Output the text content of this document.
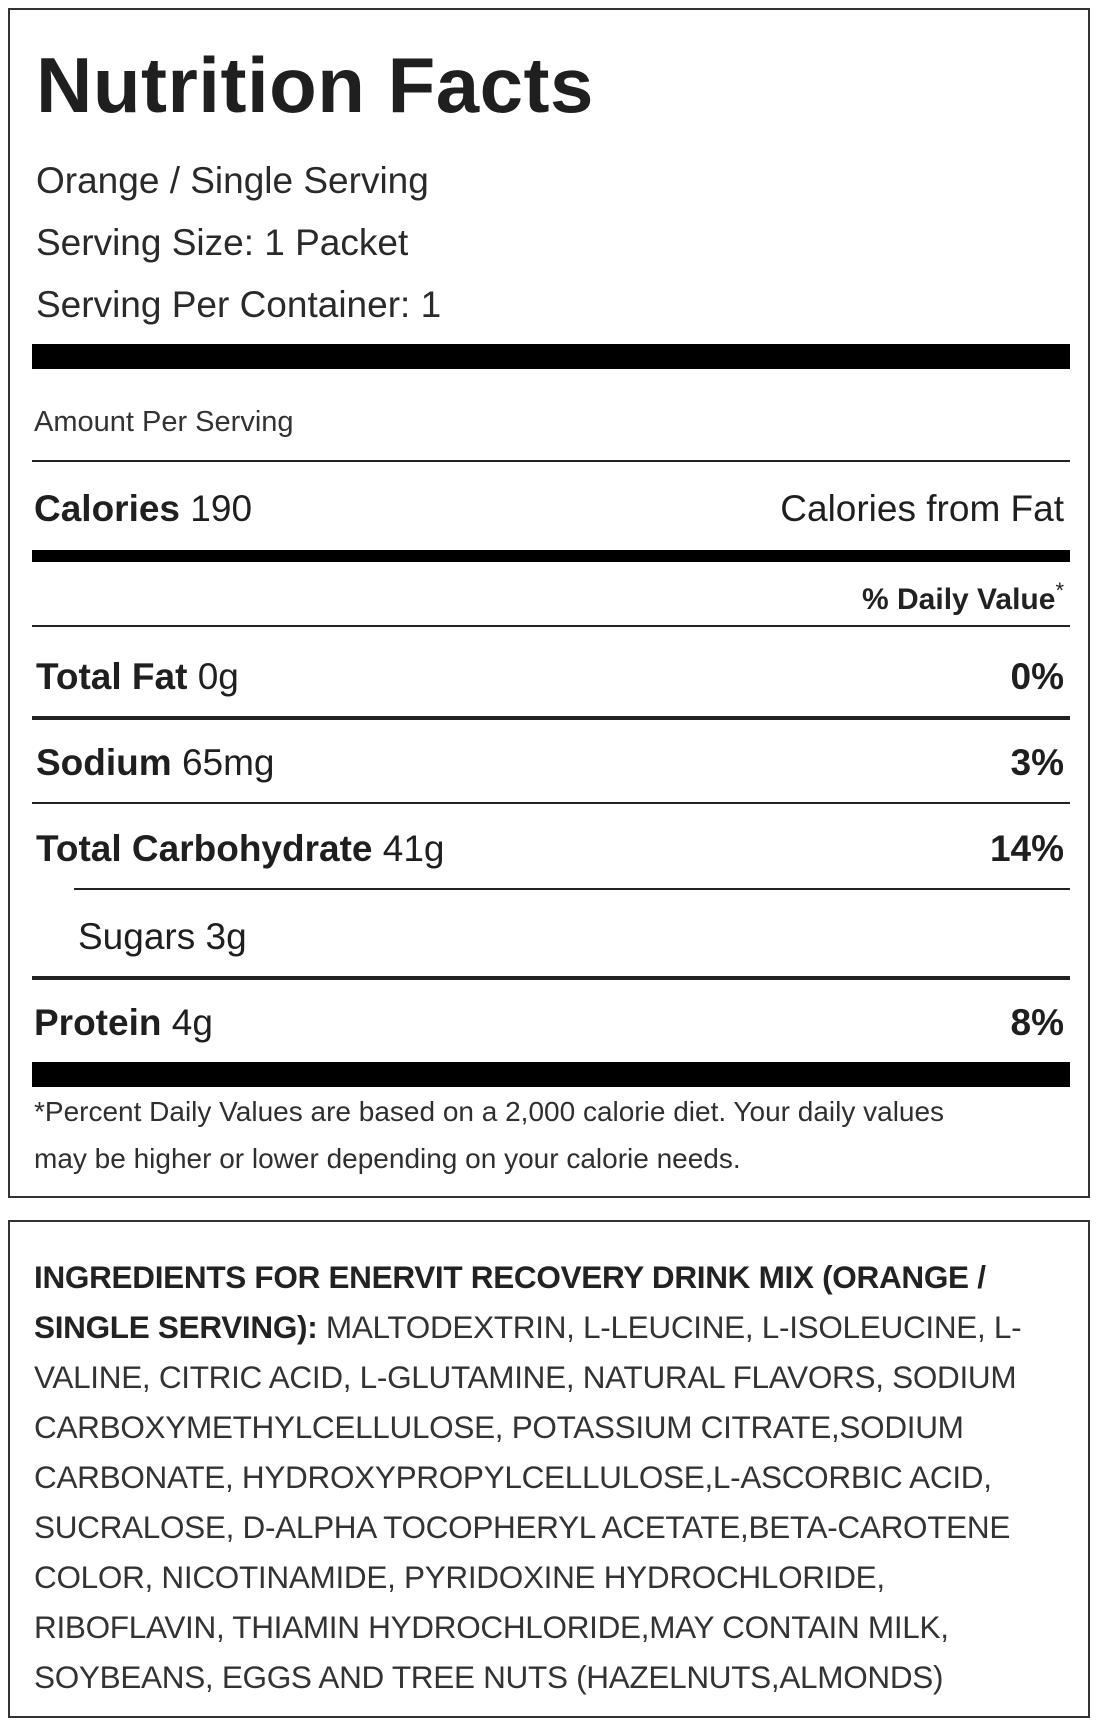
Nutrition Facts
Orange / Single Serving
Serving Size: 1 Packet
Serving Per Container: 1
Amount Per Serving
Calories 190	Calories from Fat
% Daily Value*
Total Fat 0g	0%
Sodium 65mg	3%
Total Carbohydrate 41g	14%
Sugars 3g
Protein 4g	8%
*Percent Daily Values are based on a 2,000 calorie diet. Your daily values
may be higher or lower depending on your calorie needs.
INGREDIENTS FOR ENERVIT RECOVERY DRINK MIX (ORANGE / SINGLE SERVING): MALTODEXTRIN, L-LEUCINE, L-ISOLEUCINE, L-VALINE, CITRIC ACID, L-GLUTAMINE, NATURAL FLAVORS, SODIUM CARBOXYMETHYLCELLULOSE, POTASSIUM CITRATE,SODIUM CARBONATE, HYDROXYPROPYLCELLULOSE,L-ASCORBIC ACID, SUCRALOSE, D-ALPHA TOCOPHERYL ACETATE,BETA-CAROTENE COLOR, NICOTINAMIDE, PYRIDOXINE HYDROCHLORIDE, RIBOFLAVIN, THIAMIN HYDROCHLORIDE,MAY CONTAIN MILK, SOYBEANS, EGGS AND TREE NUTS (HAZELNUTS,ALMONDS)
